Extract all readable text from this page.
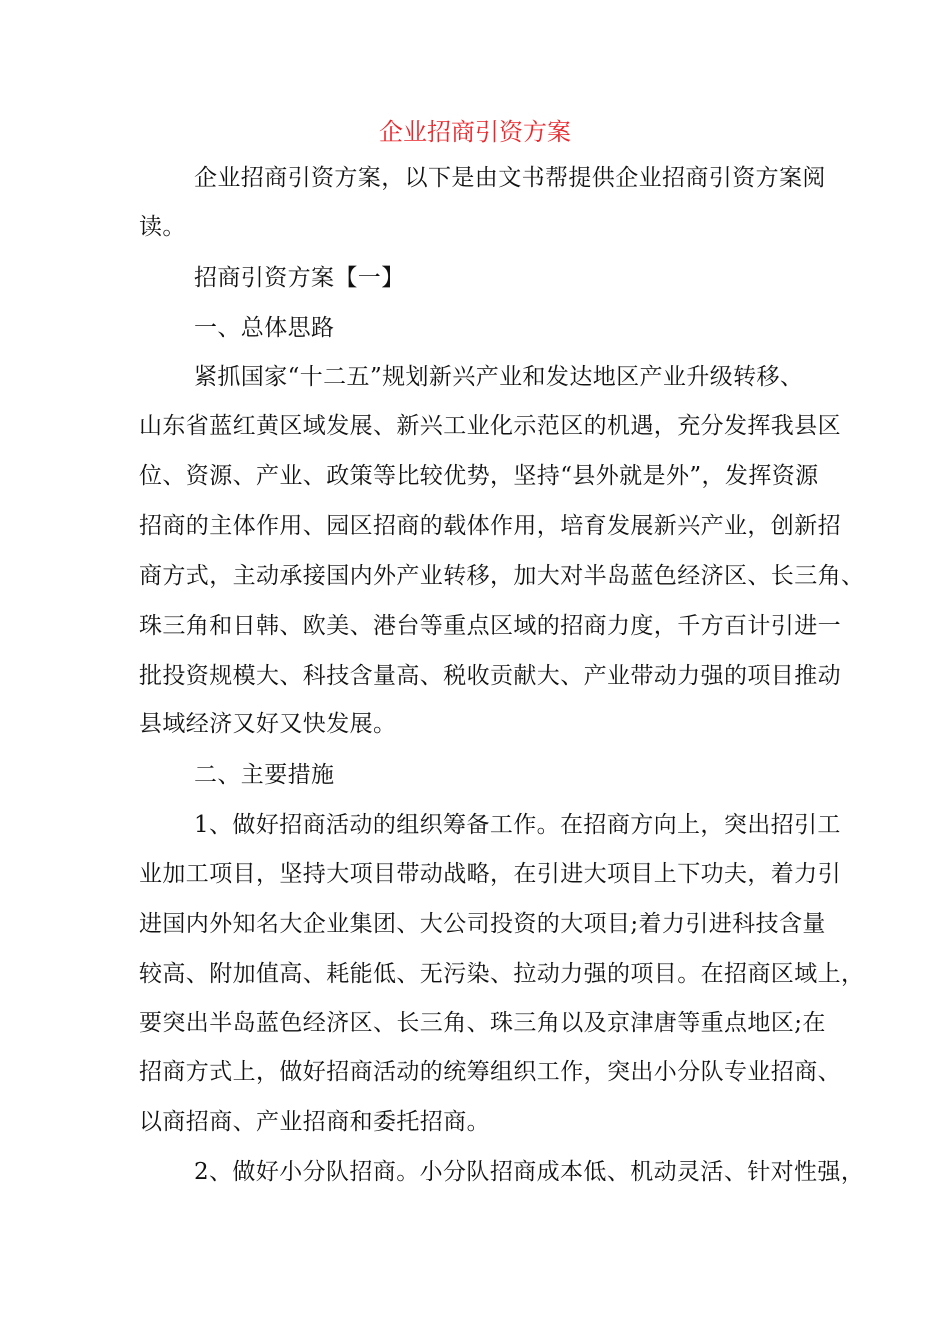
企业招商引资方案
企业招商引资方案，以下是由文书帮提供企业招商引资方案阅
读。
招商引资方案【一】
一、总体思路
紧抓国家“十二五”规划新兴产业和发达地区产业升级转移、
山东省蓝红黄区域发展、新兴工业化示范区的机遇，充分发挥我县区
位、资源、产业、政策等比较优势，坚持“县外就是外”，发挥资源
招商的主体作用、园区招商的载体作用，培育发展新兴产业，创新招
商方式，主动承接国内外产业转移，加大对半岛蓝色经济区、长三角、
珠三角和日韩、欧美、港台等重点区域的招商力度，千方百计引进一
批投资规模大、科技含量高、税收贡献大、产业带动力强的项目推动
县域经济又好又快发展。
二、主要措施
1、做好招商活动的组织筹备工作。在招商方向上，突出招引工
业加工项目，坚持大项目带动战略，在引进大项目上下功夫，着力引
进国内外知名大企业集团、大公司投资的大项目;着力引进科技含量
较高、附加值高、耗能低、无污染、拉动力强的项目。在招商区域上，
要突出半岛蓝色经济区、长三角、珠三角以及京津唐等重点地区;在
招商方式上，做好招商活动的统筹组织工作，突出小分队专业招商、
以商招商、产业招商和委托招商。
2、做好小分队招商。小分队招商成本低、机动灵活、针对性强，
